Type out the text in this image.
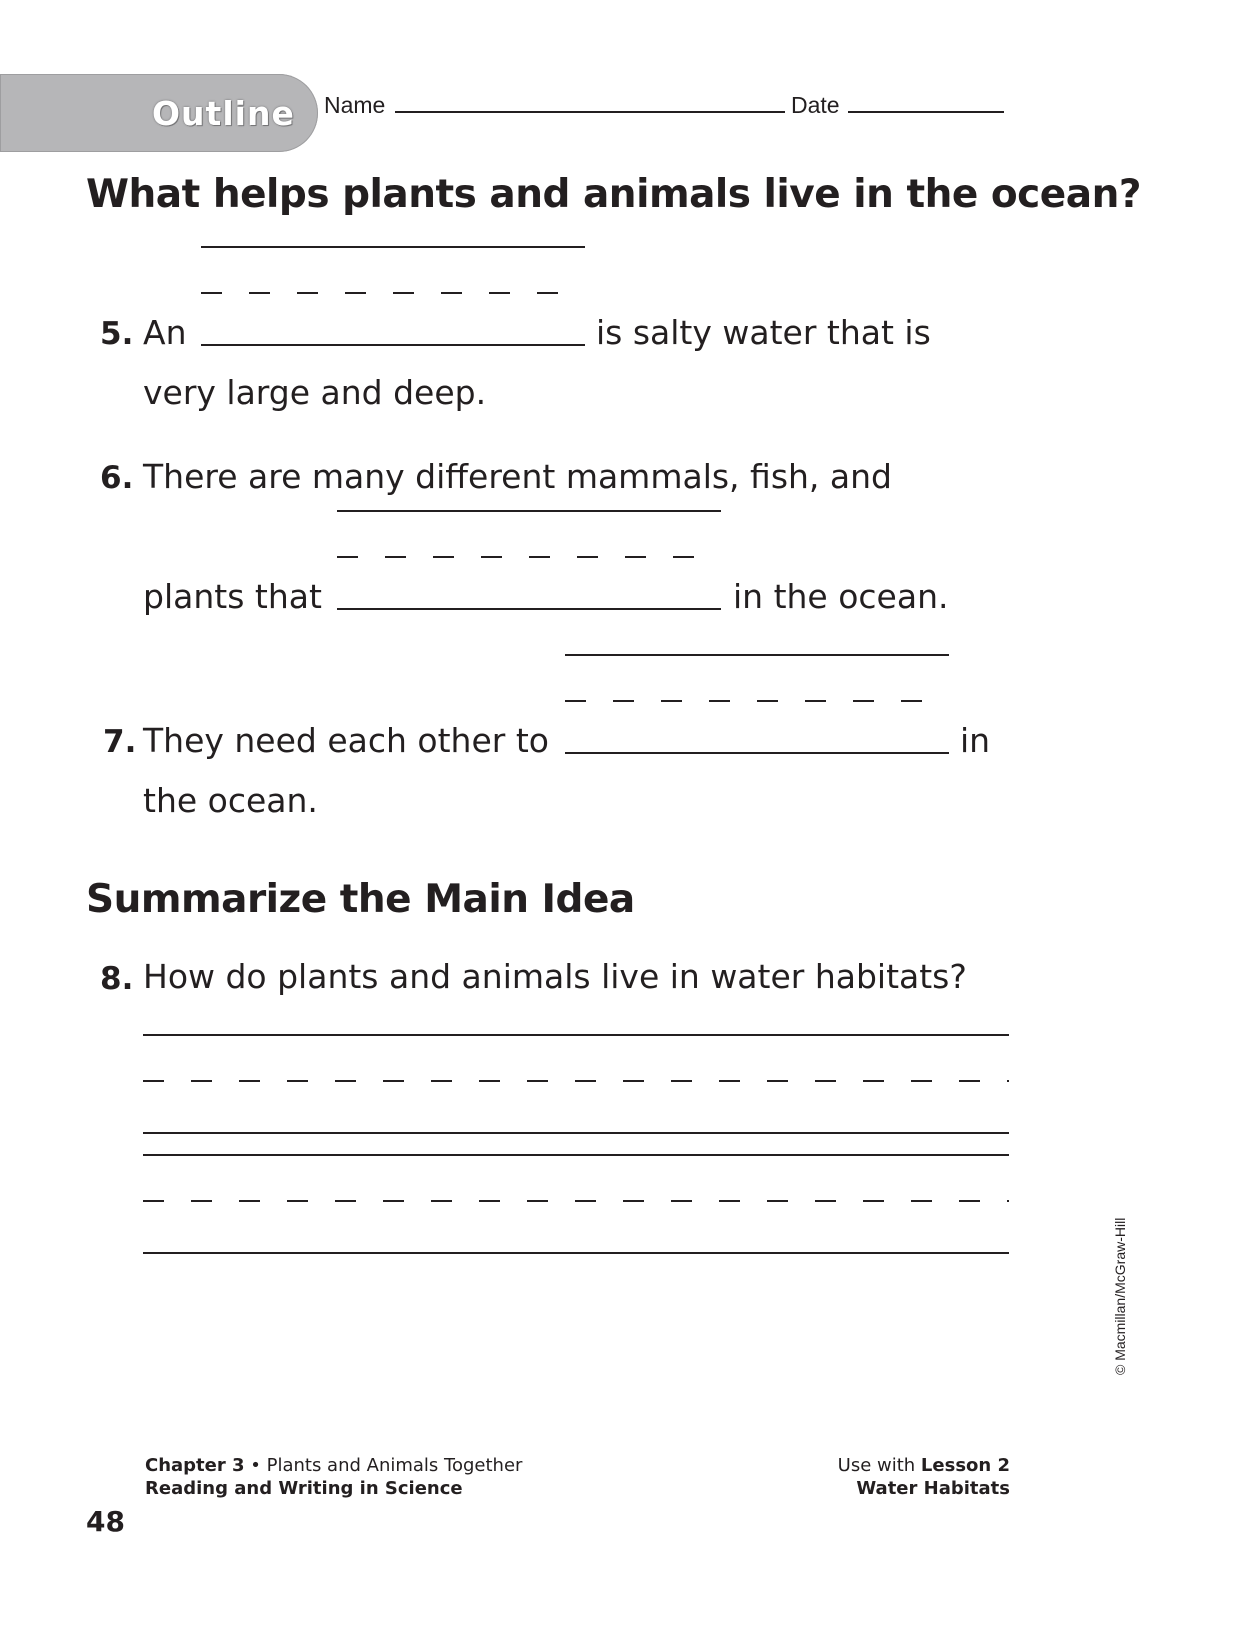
Outline Name	Date
What helps plants and animals live in the ocean?
5. An	is salty water that is
very large and deep.
6. There are many different mammals, fish, and
plants that	in the ocean.
7. They need each other to	in
the ocean.
Summarize the Main Idea
8. How do plants and animals live in water habitats?
© Macmillan/McGraw-Hill
48
Chapter 3 • Plants and Animals Together
Reading and Writing in Science
Use with Lesson 2
Water Habitats
